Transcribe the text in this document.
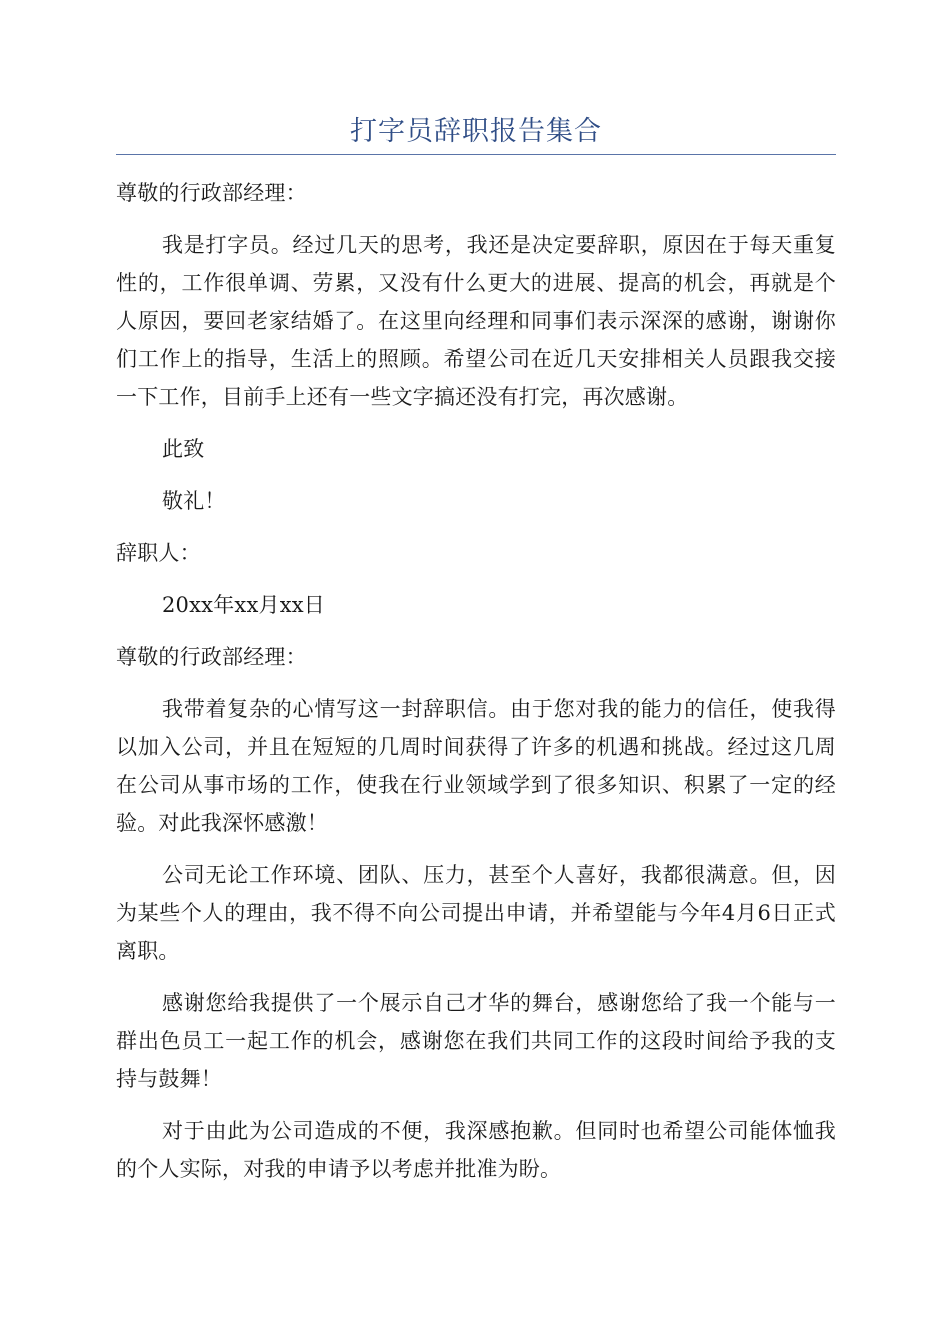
打字员辞职报告集合

尊敬的行政部经理：

我是打字员。经过几天的思考，我还是决定要辞职，原因在于每天重复性的，工作很单调、劳累，又没有什么更大的进展、提高的机会，再就是个人原因，要回老家结婚了。在这里向经理和同事们表示深深的感谢，谢谢你们工作上的指导，生活上的照顾。希望公司在近几天安排相关人员跟我交接一下工作，目前手上还有一些文字搞还没有打完，再次感谢。

此致

敬礼！

辞职人：

20xx年xx月xx日

尊敬的行政部经理：

我带着复杂的心情写这一封辞职信。由于您对我的能力的信任，使我得以加入公司，并且在短短的几周时间获得了许多的机遇和挑战。经过这几周在公司从事市场的工作，使我在行业领域学到了很多知识、积累了一定的经验。对此我深怀感激！

公司无论工作环境、团队、压力，甚至个人喜好，我都很满意。但，因为某些个人的理由，我不得不向公司提出申请，并希望能与今年4月6日正式离职。

感谢您给我提供了一个展示自己才华的舞台，感谢您给了我一个能与一群出色员工一起工作的机会，感谢您在我们共同工作的这段时间给予我的支持与鼓舞！

对于由此为公司造成的不便，我深感抱歉。但同时也希望公司能体恤我的个人实际，对我的申请予以考虑并批准为盼。
